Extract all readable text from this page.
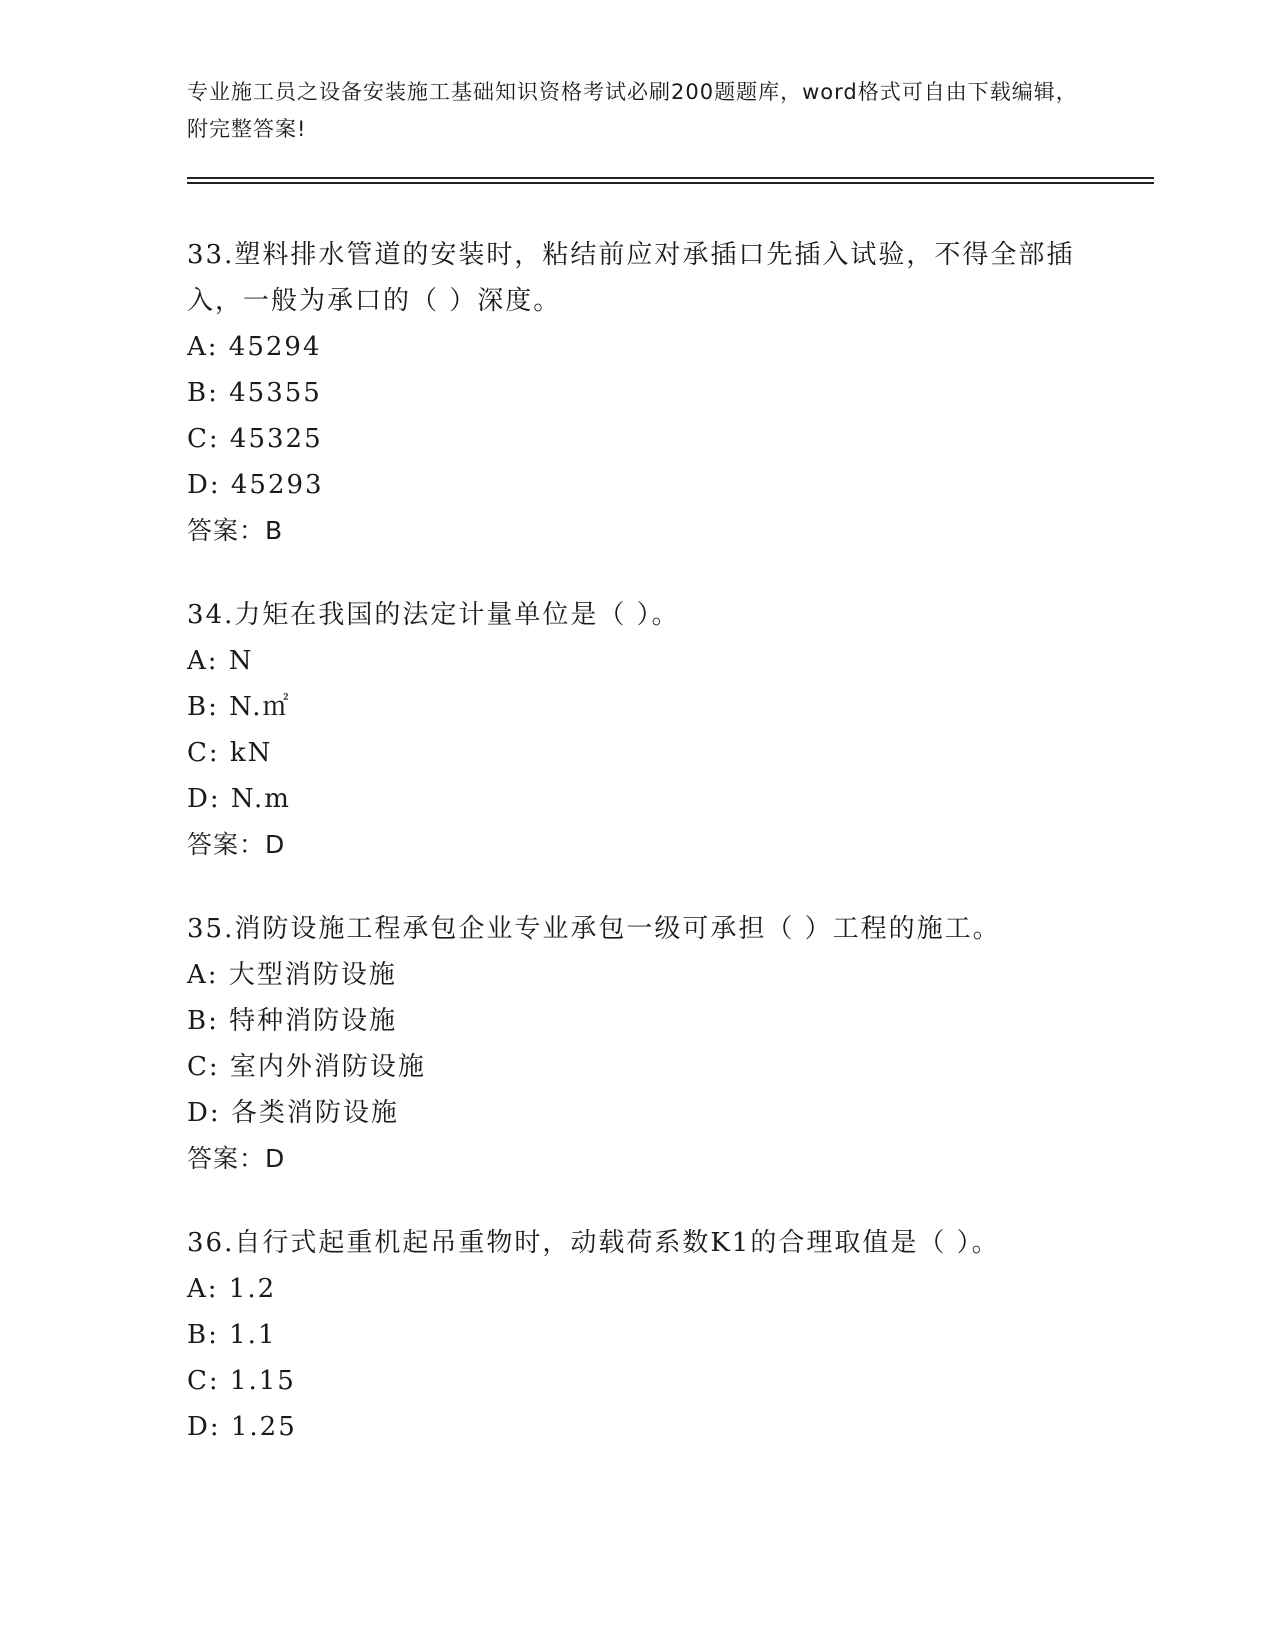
专业施工员之设备安装施工基础知识资格考试必刷200题题库，word格式可自由下载编辑，附完整答案!

33.塑料排水管道的安装时，粘结前应对承插口先插入试验，不得全部插入，一般为承口的（ ）深度。

A: 45294

B: 45355

C: 45325

D: 45293

答案：B

34.力矩在我国的法定计量单位是（ ）。

A: N

B: N.㎡

C: kN

D: N.m

答案：D

35.消防设施工程承包企业专业承包一级可承担（ ）工程的施工。

A: 大型消防设施

B: 特种消防设施

C: 室内外消防设施

D: 各类消防设施

答案：D

36.自行式起重机起吊重物时，动载荷系数K1的合理取值是（ ）。

A: 1.2

B: 1.1

C: 1.15

D: 1.25
